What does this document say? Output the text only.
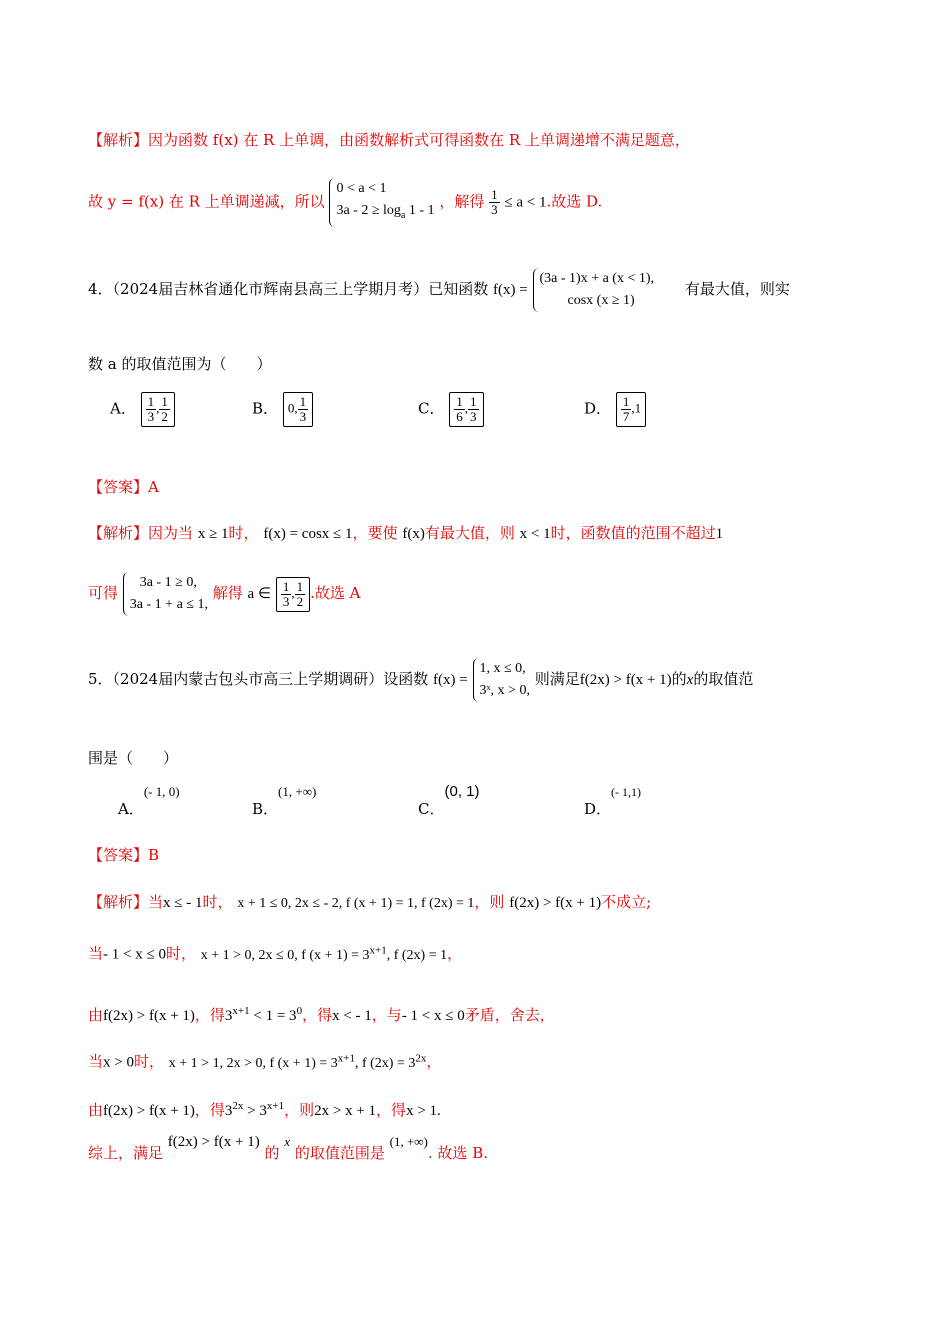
【解析】因为函数 f(x) 在 R 上单调，由函数解析式可得函数在 R 上单调递增不满足题意，
故 y = f(x) 在 R 上单调递减，所以 0 < a < 1
$3a - 2 \ge \log_a 1 - 1$ ，解得 $\frac{1}{3} \le a < 1$.故选 D.
4．（2024届吉林省通化市辉南县高三上学期月考）已知函数 f(x) = (3a - 1)x + a (x < 1),
cosx (x ≥ 1) 有最大值，则实
数 a 的取值范围为（　　）
A． $\frac{1}{3}$ , $\frac{1}{2}$	B． 0, $\frac{1}{3}$	C． $\frac{1}{6}$ , $\frac{1}{3}$	D． $\frac{1}{7} ,1$
【答案】A
【解析】因为当 x ≥ 1时， f(x) = cosx ≤ 1，要使 f(x)有最大值，则 x < 1时，函数值的范围不超过1
可得 3a - 1 ≥ 0,
3a - 1 + a ≤ 1, 解得 a ∈ $\frac{1}{3}$ , $\frac{1}{2}$ .故选 A
5．（2024届内蒙古包头市高三上学期调研）设函数 f(x) = 1, x ≤ 0,
3ˣ, x > 0, 则满足f(2x) > f(x + 1)的x的取值范
围是（　　）
A．(- 1, 0)
B．(1, +∞)
C．(0, 1)
D．(- 1,1)
【答案】B
【解析】当x ≤ - 1时， x + 1 ≤ 0, 2x ≤ - 2, f (x + 1) = 1, f (2x) = 1，则 f(2x) > f(x + 1)不成立;
当- 1 < x ≤ 0时， x + 1 > 0, 2x ≤ 0, f $(x + 1) = 3^{x+1}$, f (2x) = 1，
由f(2x) > f(x + 1)，得$3^{x+1} < 1 = 3^0$，得x < - 1，与- 1 < x ≤ 0矛盾，舍去，
当x > 0时， x + 1 > 1, 2x > 0, f $(x + 1) = 3^{x+1}$, f $(2x) = 3^{2x}$，
由f(2x) > f(x + 1)，得$3^{2x} > 3^{x+1}$，则2x > x + 1，得x > 1.
综上，满足 f(2x) > f(x + 1) 的 x 的取值范围是 (1, +∞). 故选 B.
